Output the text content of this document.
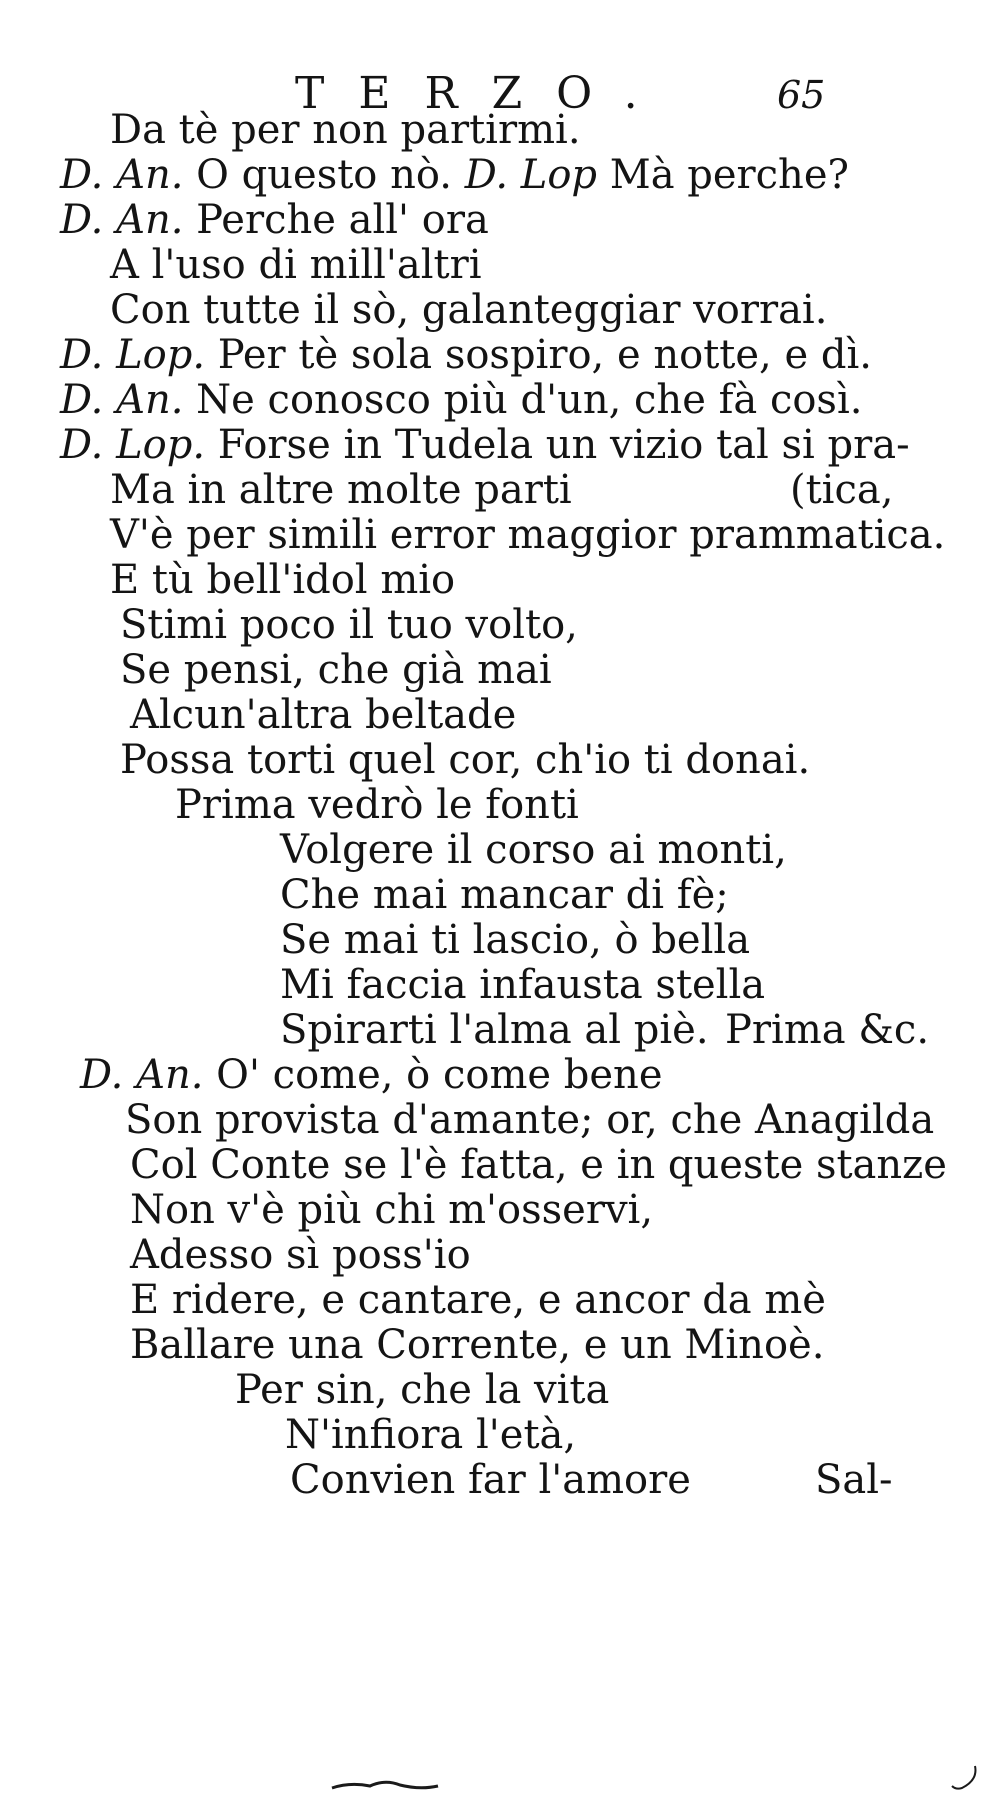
TERZO.	65
Da tè per non partirmi.
D. An. O questo nò. D. Lop Mà perche?
D. An. Perche all' ora
A l'uso di mill'altri
Con tutte il sò, galanteggiar vorrai.
D. Lop. Per tè sola sospiro, e notte, e dì.
D. An. Ne conosco più d'un, che fà così.
D. Lop. Forse in Tudela un vizio tal si pra-
Ma in altre molte parti	(tica,
V'è per simili error maggior prammatica.
E tù bell'idol mio
Stimi poco il tuo volto,
Se pensi, che già mai
Alcun'altra beltade
Possa torti quel cor, ch'io ti donai.
Prima vedrò le fonti
Volgere il corso ai monti,
Che mai mancar di fè;
Se mai ti lascio, ò bella
Mi faccia infausta stella
Spirarti l'alma al piè. Prima &c.
D. An. O' come, ò come bene
Son provista d'amante; or, che Anagilda
Col Conte se l'è fatta, e in queste stanze
Non v'è più chi m'osservi,
Adesso sì poss'io
E ridere, e cantare, e ancor da mè
Ballare una Corrente, e un Minoè.
Per sin, che la vita
N'infiora l'età,
Convien far l'amore	Sal-
